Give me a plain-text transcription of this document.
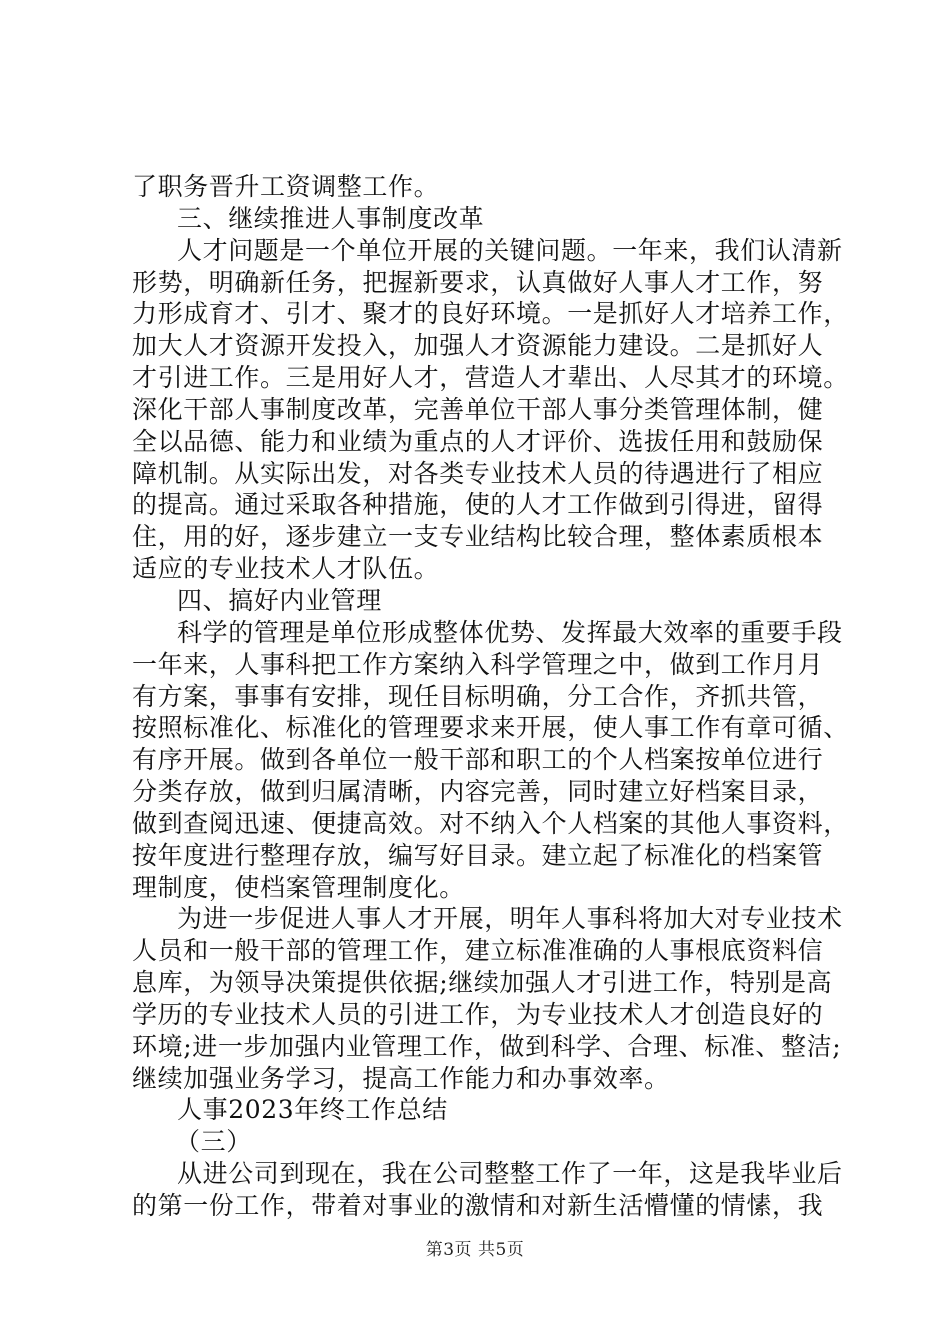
了职务晋升工资调整工作。
三、继续推进人事制度改革
人才问题是一个单位开展的关键问题。一年来，我们认清新
形势，明确新任务，把握新要求，认真做好人事人才工作，努
力形成育才、引才、聚才的良好环境。一是抓好人才培养工作，
加大人才资源开发投入，加强人才资源能力建设。二是抓好人
才引进工作。三是用好人才，营造人才辈出、人尽其才的环境。
深化干部人事制度改革，完善单位干部人事分类管理体制，健
全以品德、能力和业绩为重点的人才评价、选拔任用和鼓励保
障机制。从实际出发，对各类专业技术人员的待遇进行了相应
的提高。通过采取各种措施，使的人才工作做到引得进，留得
住，用的好，逐步建立一支专业结构比较合理，整体素质根本
适应的专业技术人才队伍。
四、搞好内业管理
科学的管理是单位形成整体优势、发挥最大效率的重要手段
一年来，人事科把工作方案纳入科学管理之中，做到工作月月
有方案，事事有安排，现任目标明确，分工合作，齐抓共管，
按照标准化、标准化的管理要求来开展，使人事工作有章可循、
有序开展。做到各单位一般干部和职工的个人档案按单位进行
分类存放，做到归属清晰，内容完善，同时建立好档案目录，
做到查阅迅速、便捷高效。对不纳入个人档案的其他人事资料，
按年度进行整理存放，编写好目录。建立起了标准化的档案管
理制度，使档案管理制度化。
为进一步促进人事人才开展，明年人事科将加大对专业技术
人员和一般干部的管理工作，建立标准准确的人事根底资料信
息库，为领导决策提供依据;继续加强人才引进工作，特别是高
学历的专业技术人员的引进工作，为专业技术人才创造良好的
环境;进一步加强内业管理工作，做到科学、合理、标准、整洁;
继续加强业务学习，提高工作能力和办事效率。
人事2023年终工作总结
（三）
从进公司到现在，我在公司整整工作了一年，这是我毕业后
的第一份工作，带着对事业的激情和对新生活懵懂的情愫，我
第3页 共5页
